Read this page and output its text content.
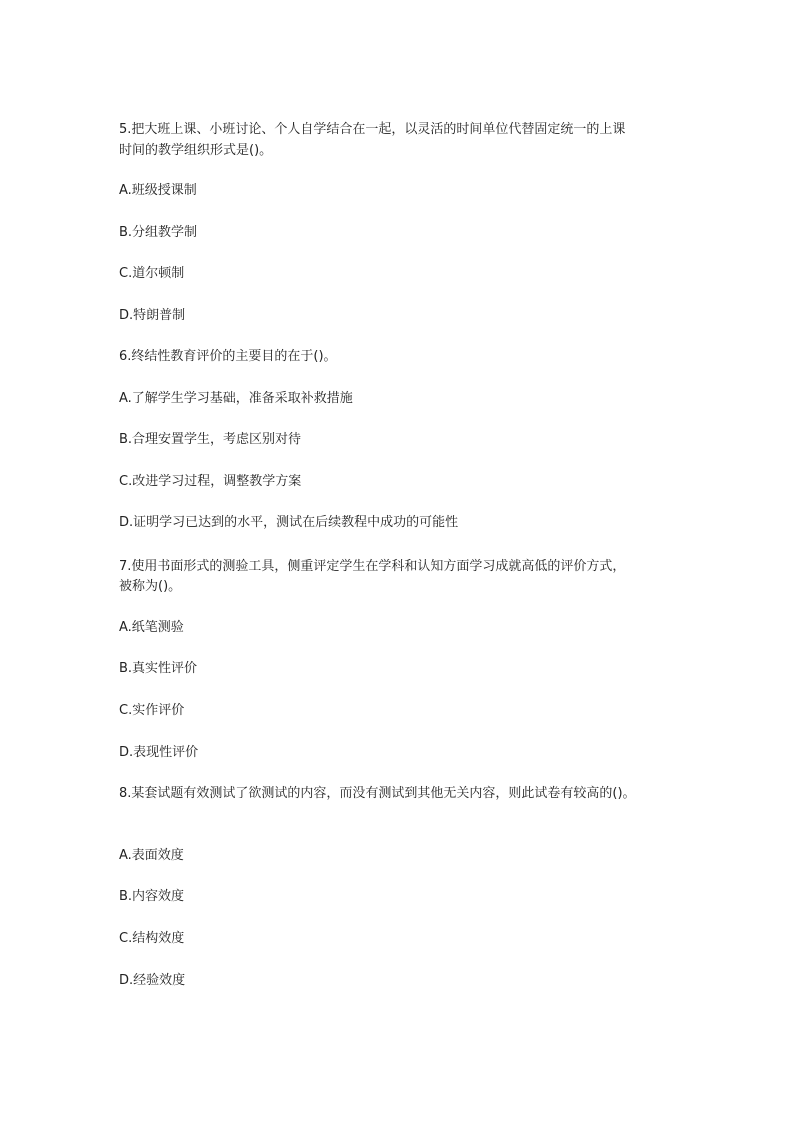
5.把大班上课、小班讨论、个人自学结合在一起，以灵活的时间单位代替固定统一的上课
时间的教学组织形式是()。
A.班级授课制
B.分组教学制
C.道尔顿制
D.特朗普制
6.终结性教育评价的主要目的在于()。
A.了解学生学习基础，准备采取补救措施
B.合理安置学生，考虑区别对待
C.改进学习过程，调整教学方案
D.证明学习已达到的水平，测试在后续教程中成功的可能性
7.使用书面形式的测验工具，侧重评定学生在学科和认知方面学习成就高低的评价方式，
被称为()。
A.纸笔测验
B.真实性评价
C.实作评价
D.表现性评价
8.某套试题有效测试了欲测试的内容，而没有测试到其他无关内容，则此试卷有较高的()。
A.表面效度
B.内容效度
C.结构效度
D.经验效度
